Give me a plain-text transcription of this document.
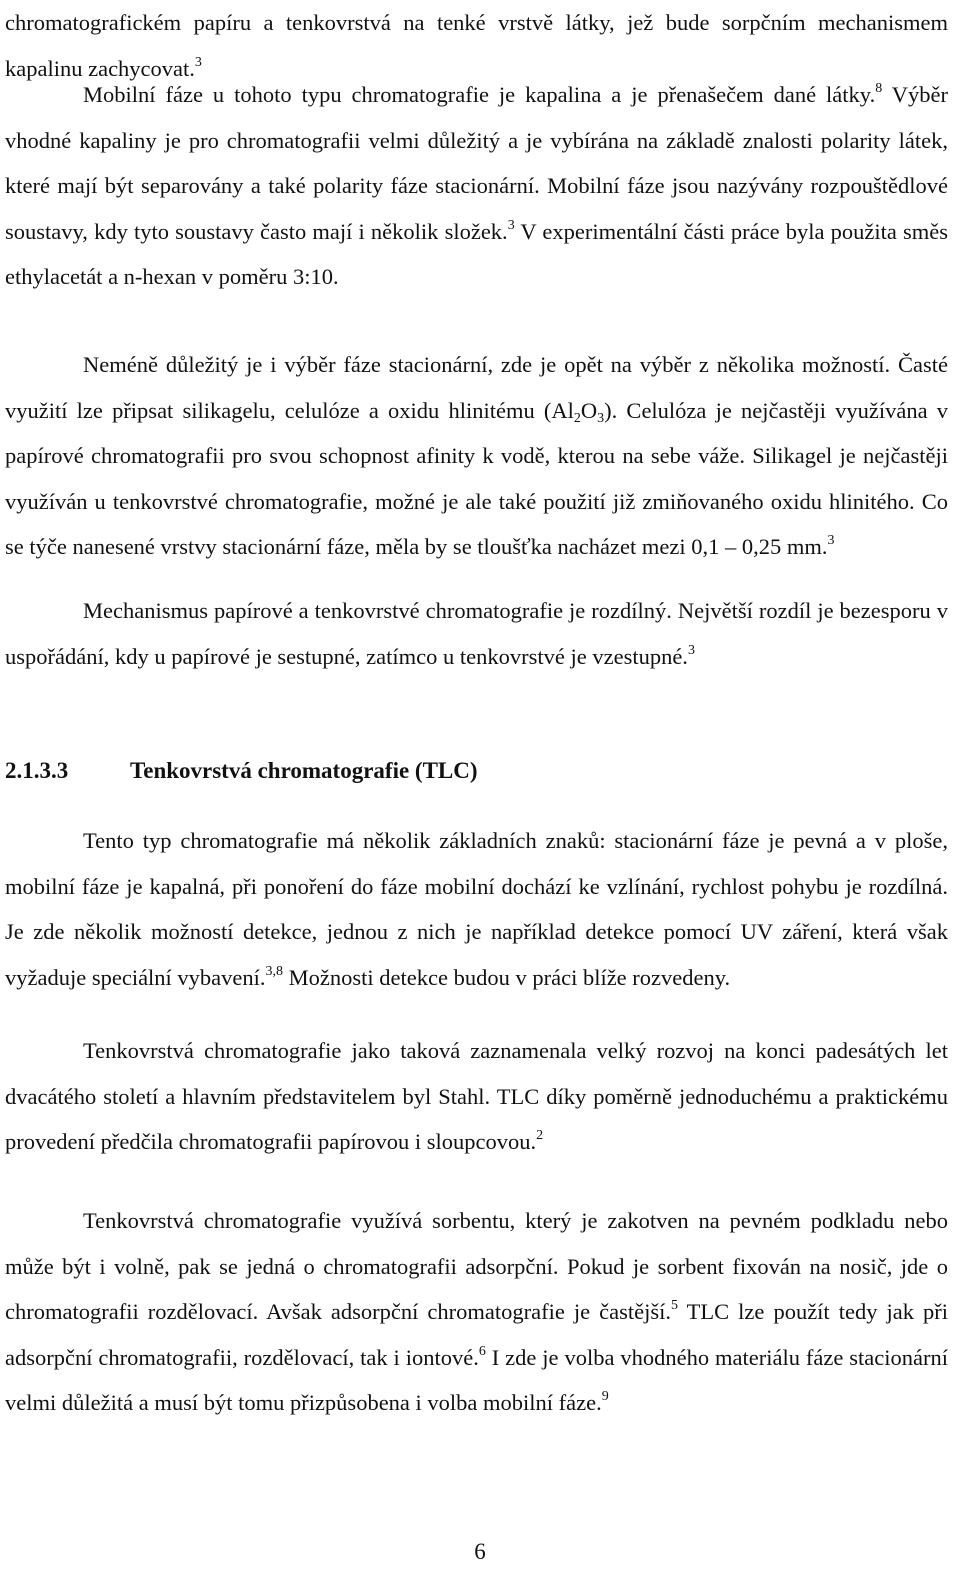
chromatografickém papíru a tenkovrstvá na tenké vrstvě látky, jež bude sorpčním mechanismem kapalinu zachycovat.$^3$

Mobilní fáze u tohoto typu chromatografie je kapalina a je přenašečem dané látky.$^8$ Výběr vhodné kapaliny je pro chromatografii velmi důležitý a je vybírána na základě znalosti polarity látek, které mají být separovány a také polarity fáze stacionární. Mobilní fáze jsou nazývány rozpouštědlové soustavy, kdy tyto soustavy často mají i několik složek.$^3$ V experimentální části práce byla použita směs ethylacetát a n-hexan v poměru 3:10.

Neméně důležitý je i výběr fáze stacionární, zde je opět na výběr z několika možností. Časté využití lze připsat silikagelu, celulóze a oxidu hlinitému $(Al_2O_3)$. Celulóza je nejčastěji využívána v papírové chromatografii pro svou schopnost afinity k vodě, kterou na sebe váže. Silikagel je nejčastěji využíván u tenkovrstvé chromatografie, možné je ale také použití již zmiňovaného oxidu hlinitého. Co se týče nanesené vrstvy stacionární fáze, měla by se tloušťka nacházet mezi 0,1 – 0,25 mm.$^3$

Mechanismus papírové a tenkovrstvé chromatografie je rozdílný. Největší rozdíl je bezesporu v uspořádání, kdy u papírové je sestupné, zatímco u tenkovrstvé je vzestupné.$^3$

2.1.3.3	Tenkovrstvá chromatografie (TLC)

Tento typ chromatografie má několik základních znaků: stacionární fáze je pevná a v ploše, mobilní fáze je kapalná, při ponoření do fáze mobilní dochází ke vzlínání, rychlost pohybu je rozdílná. Je zde několik možností detekce, jednou z nich je například detekce pomocí UV záření, která však vyžaduje speciální vybavení.$^{3,8}$ Možnosti detekce budou v práci blíže rozvedeny.

Tenkovrstvá chromatografie jako taková zaznamenala velký rozvoj na konci padesátých let dvacátého století a hlavním představitelem byl Stahl. TLC díky poměrně jednoduchému a praktickému provedení předčila chromatografii papírovou i sloupcovou.$^2$

Tenkovrstvá chromatografie využívá sorbentu, který je zakotven na pevném podkladu nebo může být i volně, pak se jedná o chromatografii adsorpční. Pokud je sorbent fixován na nosič, jde o chromatografii rozdělovací. Avšak adsorpční chromatografie je častější.$^5$ TLC lze použít tedy jak při adsorpční chromatografii, rozdělovací, tak i iontové.$^6$ I zde je volba vhodného materiálu fáze stacionární velmi důležitá a musí být tomu přizpůsobena i volba mobilní fáze.$^9$

6
